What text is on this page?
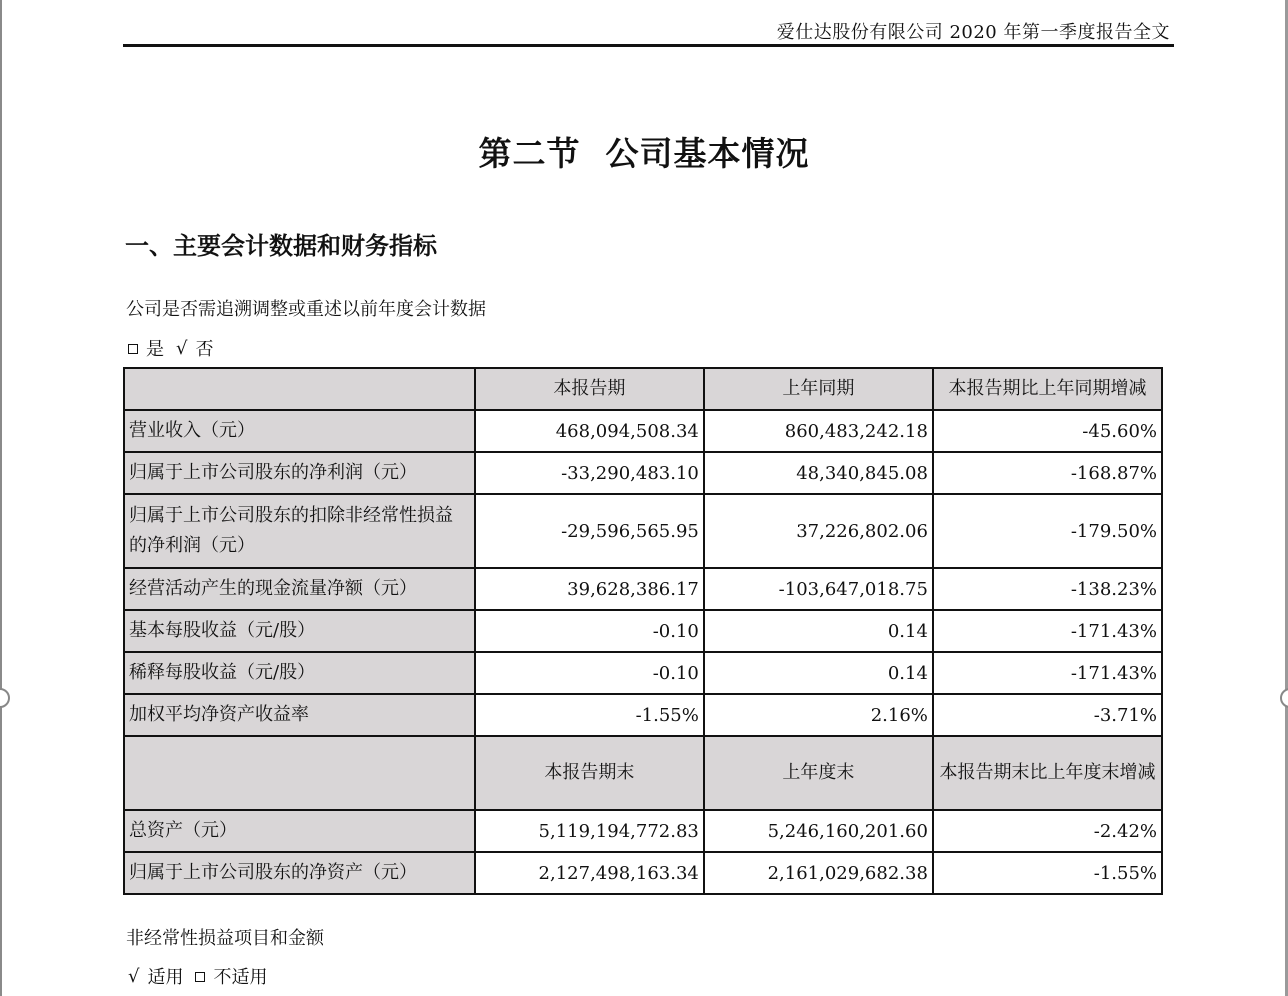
爱仕达股份有限公司 2020 年第一季度报告全文
第二节  公司基本情况
一、主要会计数据和财务指标
公司是否需追溯调整或重述以前年度会计数据
是 √ 否
	本报告期	上年同期	本报告期比上年同期增减
营业收入（元）	468,094,508.34	860,483,242.18	-45.60%
归属于上市公司股东的净利润（元）	-33,290,483.10	48,340,845.08	-168.87%
归属于上市公司股东的扣除非经常性损益的净利润（元）	-29,596,565.95	37,226,802.06	-179.50%
经营活动产生的现金流量净额（元）	39,628,386.17	-103,647,018.75	-138.23%
基本每股收益（元/股）	-0.10	0.14	-171.43%
稀释每股收益（元/股）	-0.10	0.14	-171.43%
加权平均净资产收益率	-1.55%	2.16%	-3.71%
	本报告期末	上年度末	本报告期末比上年度末增减
总资产（元）	5,119,194,772.83	5,246,160,201.60	-2.42%
归属于上市公司股东的净资产（元）	2,127,498,163.34	2,161,029,682.38	-1.55%
非经常性损益项目和金额
√ 适用 不适用
